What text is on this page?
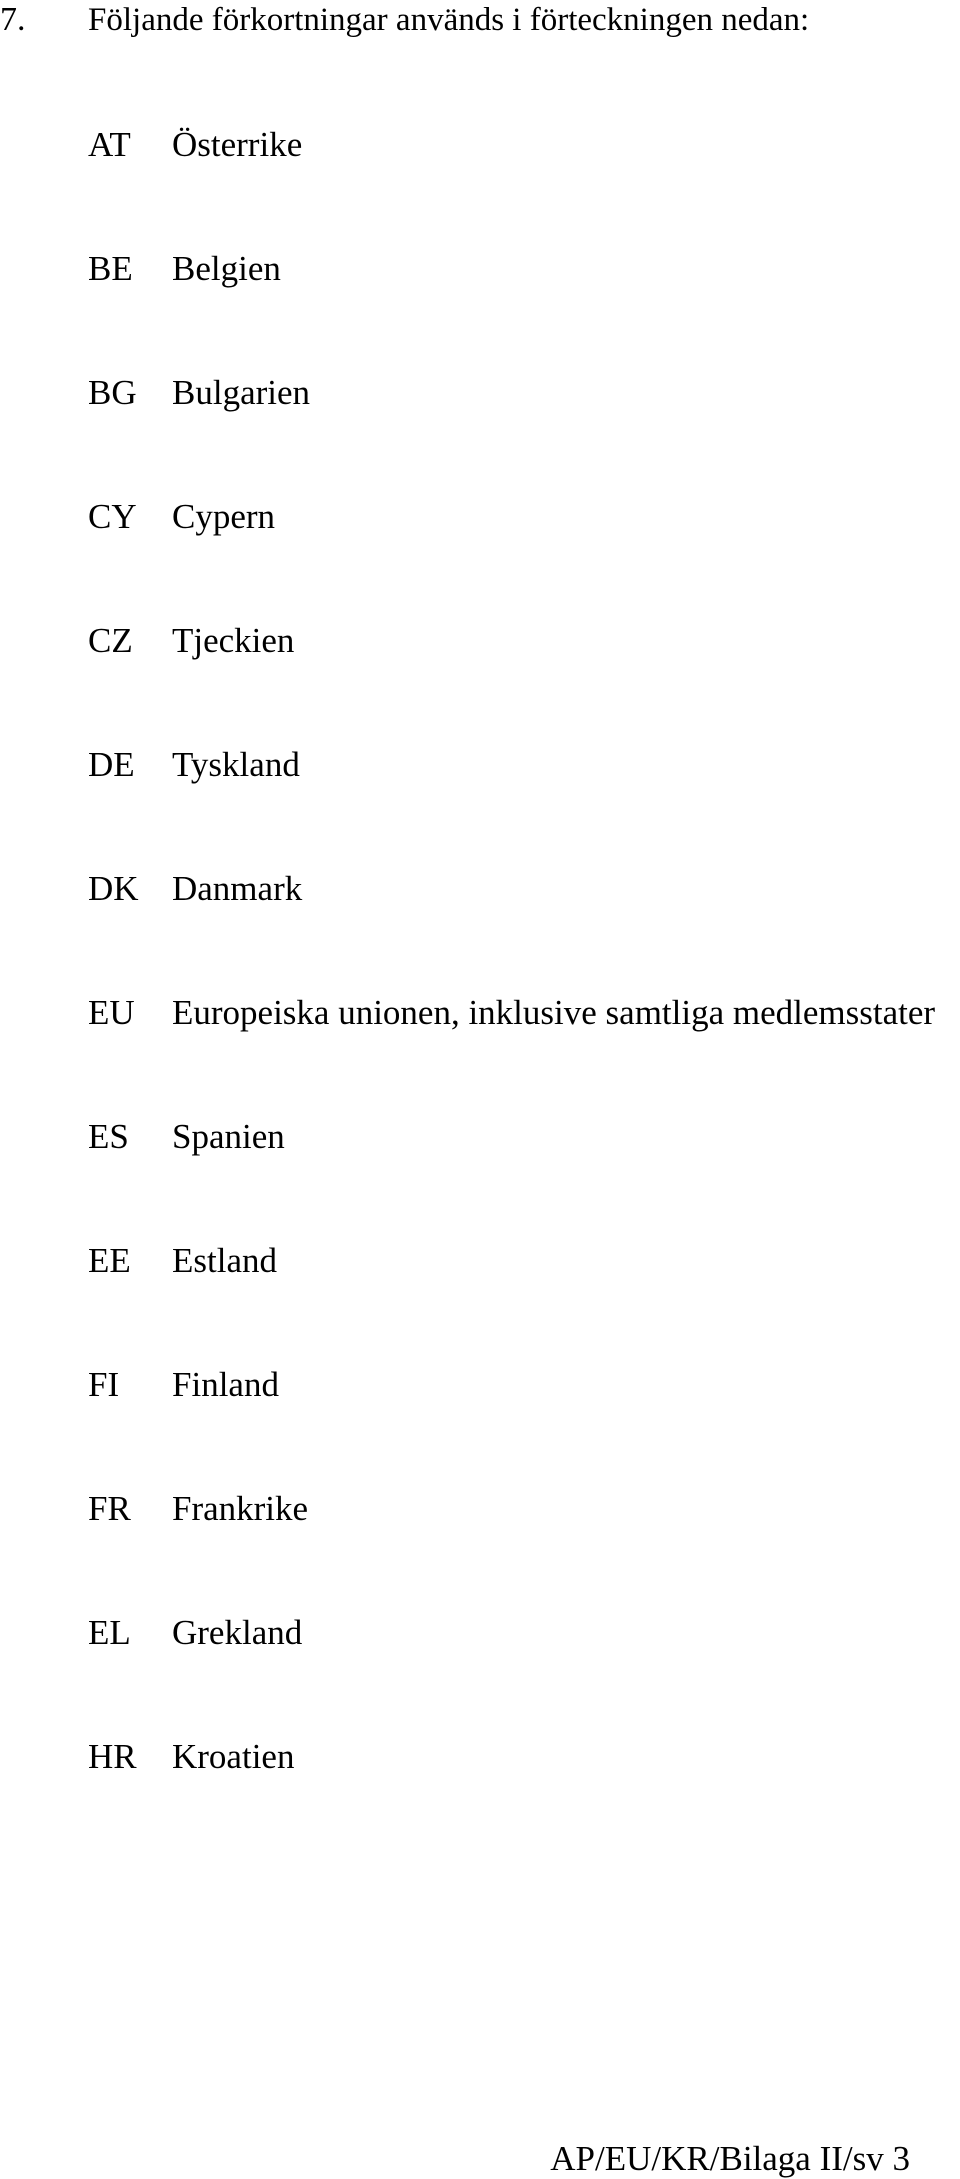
7. Följande förkortningar används i förteckningen nedan:
AT	Österrike
BE	Belgien
BG	Bulgarien
CY	Cypern
CZ	Tjeckien
DE	Tyskland
DK Danmark
EU	Europeiska unionen, inklusive samtliga medlemsstater
ES	Spanien
EE	Estland
FI	Finland
FR	Frankrike
EL	Grekland
HR	Kroatien
AP/EU/KR/Bilaga II/sv 3
